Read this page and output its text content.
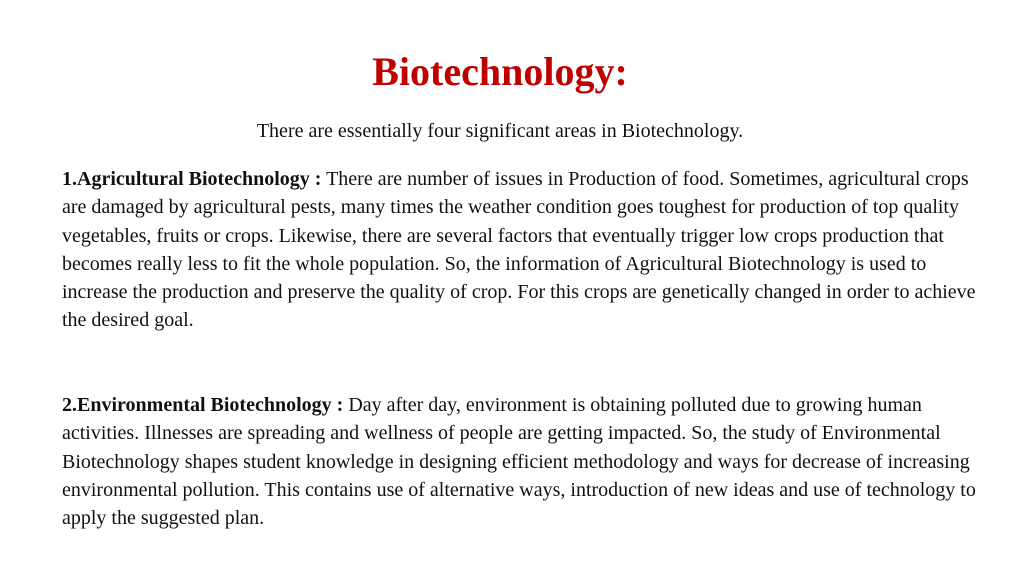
Biotechnology:

There are essentially four significant areas in Biotechnology.

1.Agricultural Biotechnology : There are number of issues in Production of food. Sometimes, agricultural crops are damaged by agricultural pests, many times the weather condition goes toughest for production of top quality vegetables, fruits or crops. Likewise, there are several factors that eventually trigger low crops production that becomes really less to fit the whole population. So, the information of Agricultural Biotechnology is used to increase the production and preserve the quality of crop. For this crops are genetically changed in order to achieve the desired goal.

2.Environmental Biotechnology : Day after day, environment is obtaining polluted due to growing human activities. Illnesses are spreading and wellness of people are getting impacted. So, the study of Environmental Biotechnology shapes student knowledge in designing efficient methodology and ways for decrease of increasing environmental pollution. This contains use of alternative ways, introduction of new ideas and use of technology to apply the suggested plan.
